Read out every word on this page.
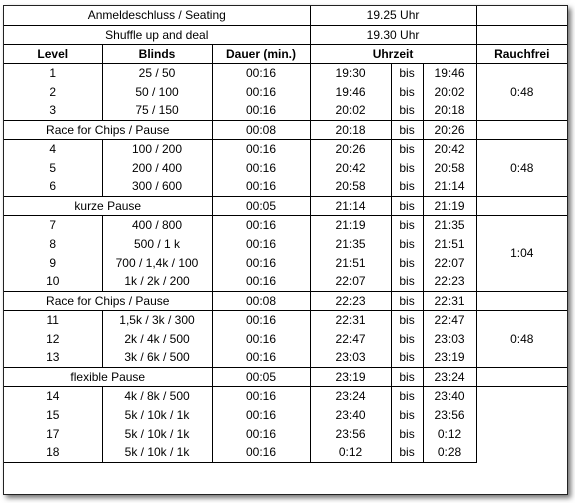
Anmeldeschluss / Seating			19.25 Uhr			
Shuffle up and deal			19.30 Uhr			
Level	Blinds	Dauer (min.)	Uhrzeit			Rauchfrei
1	25 / 50	00:16	19:30	bis	19:46	0:48
2	50 / 100	00:16	19:46	bis	20:02	
3	75 / 150	00:16	20:02	bis	20:18	
Race for Chips / Pause		00:08	20:18	bis	20:26	
4	100 / 200	00:16	20:26	bis	20:42	0:48
5	200 / 400	00:16	20:42	bis	20:58	
6	300 / 600	00:16	20:58	bis	21:14	
kurze Pause		00:05	21:14	bis	21:19	
7	400 / 800	00:16	21:19	bis	21:35	1:04
8	500 / 1 k	00:16	21:35	bis	21:51	
9	700 / 1,4k / 100	00:16	21:51	bis	22:07	
10	1k / 2k / 200	00:16	22:07	bis	22:23	
Race for Chips / Pause		00:08	22:23	bis	22:31	
11	1,5k / 3k / 300	00:16	22:31	bis	22:47	0:48
12	2k / 4k / 500	00:16	22:47	bis	23:03	
13	3k / 6k / 500	00:16	23:03	bis	23:19	
flexible Pause		00:05	23:19	bis	23:24	
14	4k / 8k / 500	00:16	23:24	bis	23:40	
15	5k / 10k / 1k	00:16	23:40	bis	23:56	
17	5k / 10k / 1k	00:16	23:56	bis	0:12	
18	5k / 10k / 1k	00:16	0:12	bis	0:28	
